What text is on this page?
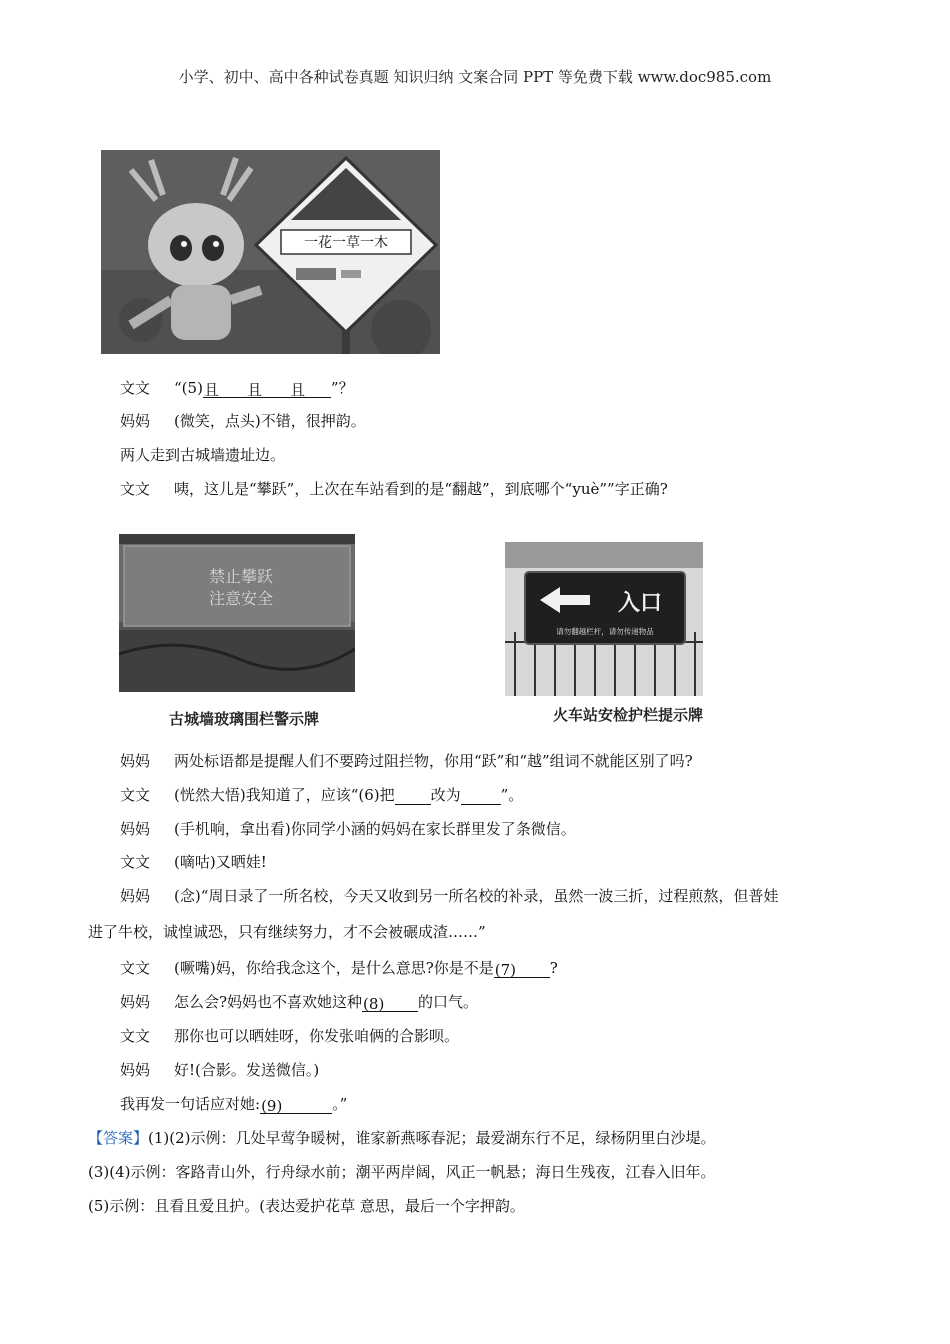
小学、初中、高中各种试卷真题 知识归纳 文案合同 PPT 等免费下载 www.doc985.com
一花一草一木
文文 “(5)且 且 且 ”？
妈妈 (微笑，点头)不错，很押韵。
两人走到古城墙遗址边。
文文 咦，这儿是“攀跃”，上次在车站看到的是“翻越”，到底哪个“yuè””字正确?
禁止攀跃
注意安全
古城墙玻璃围栏警示牌
入口
请勿翻越栏杆，请勿传递物品
火车站安检护栏提示牌
妈妈 两处标语都是提醒人们不要跨过阻拦物，你用“跃”和“越”组词不就能区别了吗?
文文 (恍然大悟)我知道了，应该“(6)把 改为	”。
妈妈 (手机响，拿出看)你同学小涵的妈妈在家长群里发了条微信。
文文 (嘀咕)又晒娃!
妈妈 (念)“周日录了一所名校，今天又收到另一所名校的补录，虽然一波三折，过程煎熬，但普娃
进了牛校，诚惶诚恐，只有继续努力，才不会被碾成渣……”
文文 (噘嘴)妈，你给我念这个，是什么意思?你是不是(7) ?
妈妈 怎么会?妈妈也不喜欢她这种(8) 的口气。
文文 那你也可以晒娃呀，你发张咱俩的合影呗。
妈妈 好!(合影。发送微信。)
我再发一句话应对她:(9)	。”
【答案】(1)(2)示例：几处早莺争暖树，谁家新燕啄春泥；最爱湖东行不足，绿杨阴里白沙堤。
(3)(4)示例：客路青山外，行舟绿水前；潮平两岸阔，风正一帆悬；海日生残夜，江春入旧年。
(5)示例：且看且爱且护。(表达爱护花草 意思，最后一个字押韵。
